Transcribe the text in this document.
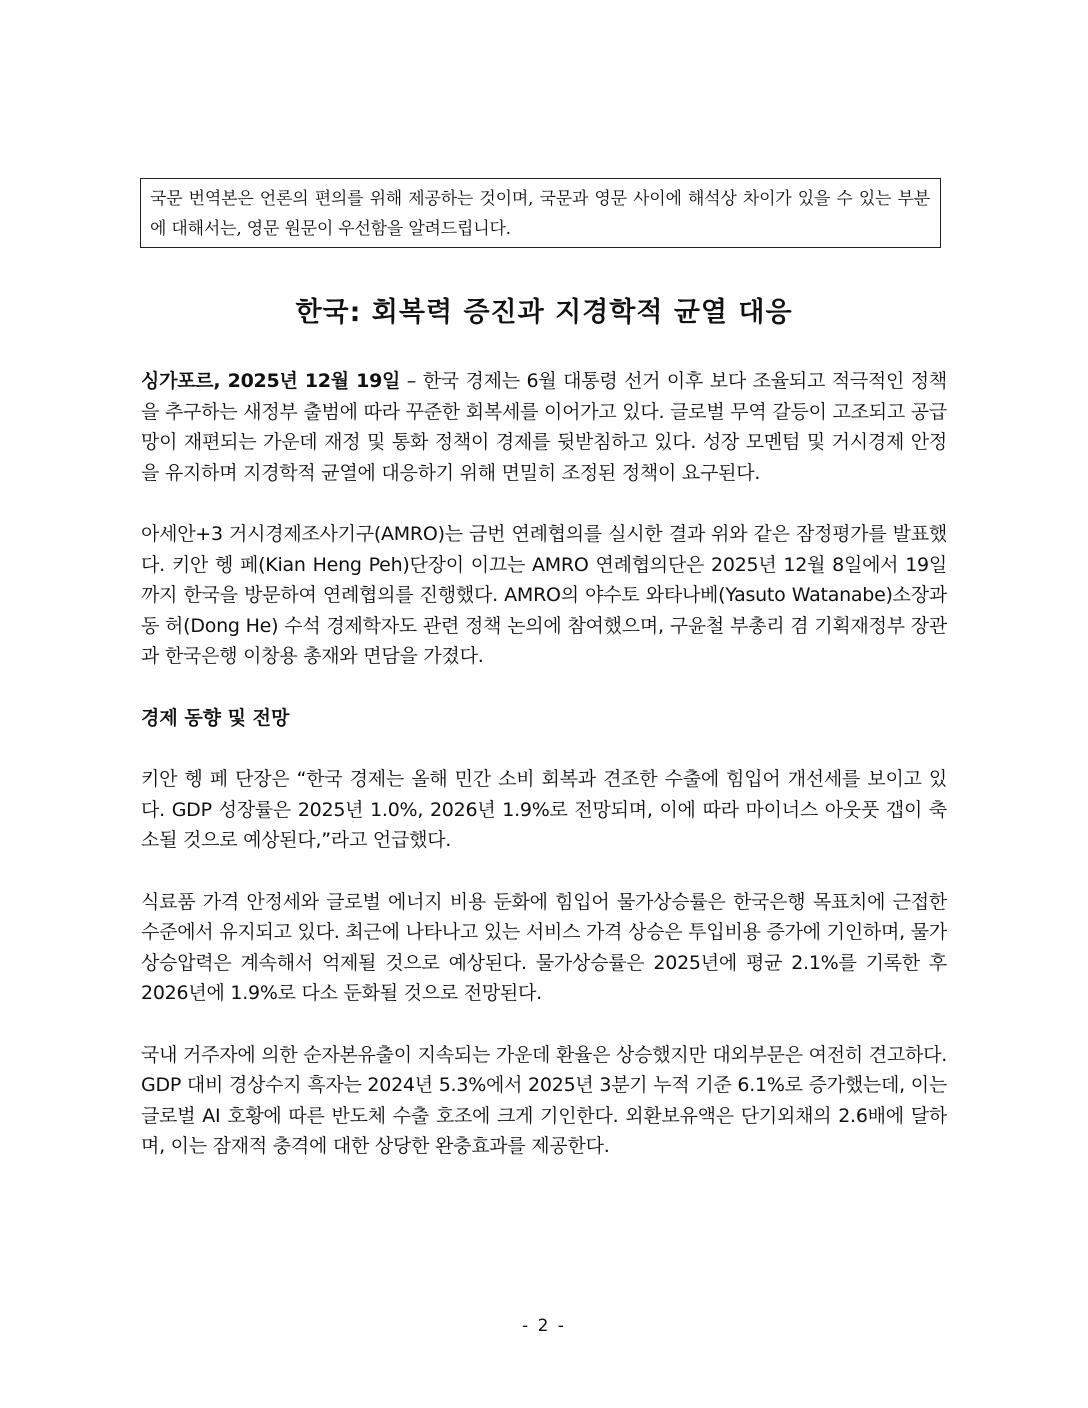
국문 번역본은 언론의 편의를 위해 제공하는 것이며, 국문과 영문 사이에 해석상 차이가 있을 수 있는 부분에 대해서는, 영문 원문이 우선함을 알려드립니다.
한국: 회복력 증진과 지경학적 균열 대응

싱가포르, 2025년 12월 19일 – 한국 경제는 6월 대통령 선거 이후 보다 조율되고 적극적인 정책을 추구하는 새정부 출범에 따라 꾸준한 회복세를 이어가고 있다. 글로벌 무역 갈등이 고조되고 공급망이 재편되는 가운데 재정 및 통화 정책이 경제를 뒷받침하고 있다. 성장 모멘텀 및 거시경제 안정을 유지하며 지경학적 균열에 대응하기 위해 면밀히 조정된 정책이 요구된다.

아세안+3 거시경제조사기구(AMRO)는 금번 연례협의를 실시한 결과 위와 같은 잠정평가를 발표했다. 키안 헹 페(Kian Heng Peh)단장이 이끄는 AMRO 연례협의단은 2025년 12월 8일에서 19일까지 한국을 방문하여 연례협의를 진행했다. AMRO의 야수토 와타나베(Yasuto Watanabe)소장과 동 허(Dong He) 수석 경제학자도 관련 정책 논의에 참여했으며, 구윤철 부총리 겸 기획재정부 장관과 한국은행 이창용 총재와 면담을 가졌다.

경제 동향 및 전망

키안 헹 페 단장은 “한국 경제는 올해 민간 소비 회복과 견조한 수출에 힘입어 개선세를 보이고 있다. GDP 성장률은 2025년 1.0%, 2026년 1.9%로 전망되며, 이에 따라 마이너스 아웃풋 갭이 축소될 것으로 예상된다,”라고 언급했다.

식료품 가격 안정세와 글로벌 에너지 비용 둔화에 힘입어 물가상승률은 한국은행 목표치에 근접한 수준에서 유지되고 있다. 최근에 나타나고 있는 서비스 가격 상승은 투입비용 증가에 기인하며, 물가상승압력은 계속해서 억제될 것으로 예상된다. 물가상승률은 2025년에 평균 2.1%를 기록한 후 2026년에 1.9%로 다소 둔화될 것으로 전망된다.

국내 거주자에 의한 순자본유출이 지속되는 가운데 환율은 상승했지만 대외부문은 여전히 견고하다. GDP 대비 경상수지 흑자는 2024년 5.3%에서 2025년 3분기 누적 기준 6.1%로 증가했는데, 이는 글로벌 AI 호황에 따른 반도체 수출 호조에 크게 기인한다. 외환보유액은 단기외채의 2.6배에 달하며, 이는 잠재적 충격에 대한 상당한 완충효과를 제공한다.

- 2 -
